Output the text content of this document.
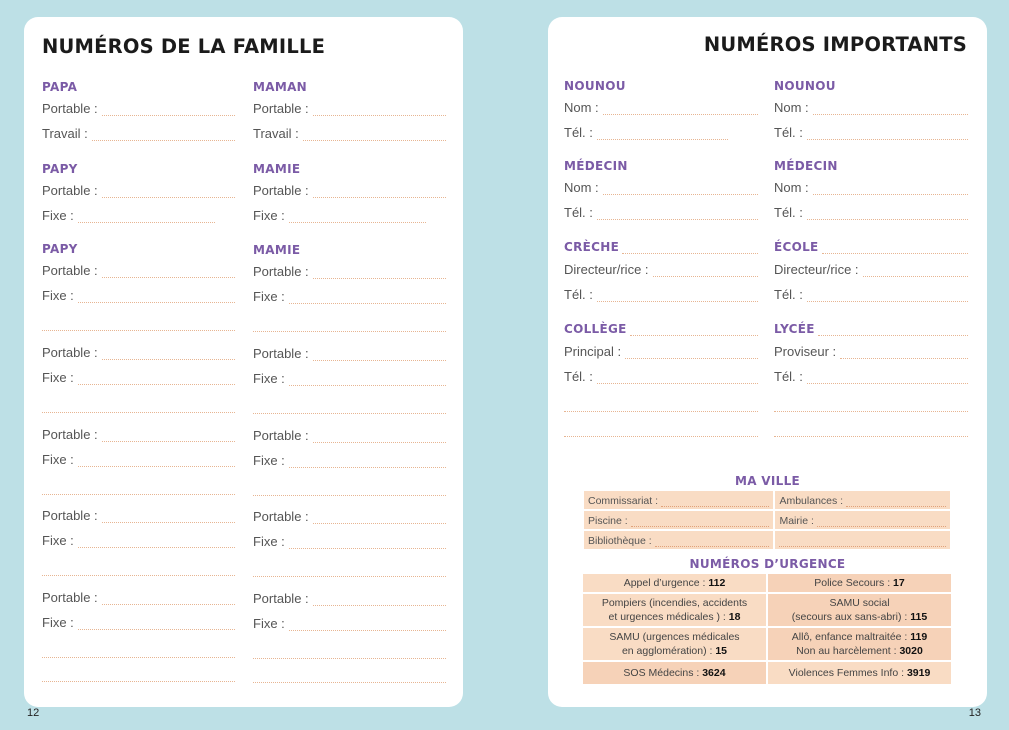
NUMÉROS DE LA FAMILLE
PAPA
Portable :
Travail :
PAPY
Portable :
Fixe :
PAPY
Portable :
Fixe :
Portable :
Fixe :
Portable :
Fixe :
Portable :
Fixe :
Portable :
Fixe :
MAMAN
Portable :
Travail :
MAMIE
Portable :
Fixe :
MAMIE
Portable :
Fixe :
Portable :
Fixe :
Portable :
Fixe :
Portable :
Fixe :
Portable :
Fixe :
12
NUMÉROS IMPORTANTS
NOUNOU
Nom :
Tél. :
MÉDECIN
Nom :
Tél. :
CRÈCHE
Directeur/rice :
Tél. :
COLLÈGE
Principal :
Tél. :
NOUNOU
Nom :
Tél. :
MÉDECIN
Nom :
Tél. :
ÉCOLE
Directeur/rice :
Tél. :
LYCÉE
Proviseur :
Tél. :
MA VILLE
Commissariat :	Ambulances :

Piscine :	Mairie :

Bibliothèque :	

NUMÉROS D’URGENCE
Appel d’urgence : 112	Police Secours : 17
Pompiers (incendies, accidents
et urgences médicales ) : 18	SAMU social
(secours aux sans-abri) : 115
SAMU (urgences médicales
en agglomération) : 15	Allô, enfance maltraitée : 119
Non au harcèlement : 3020
SOS Médecins : 3624	Violences Femmes Info : 3919
13
